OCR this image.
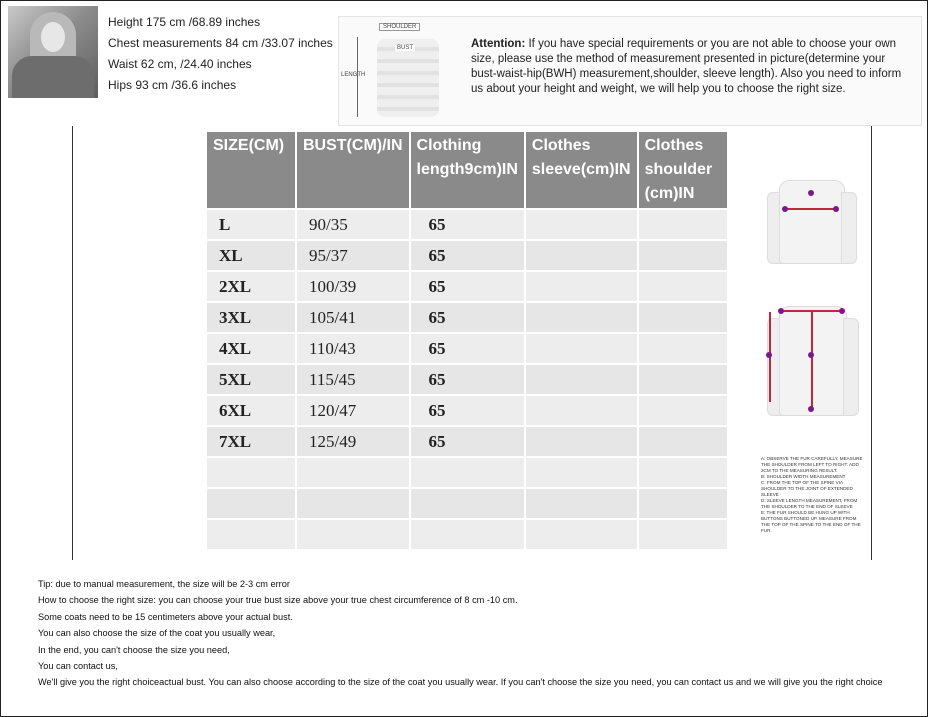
Height 175 cm /68.89 inches
Chest measurements 84 cm /33.07 inches
Waist 62 cm, /24.40 inches
Hips 93 cm /36.6 inches
LENGTH
SHOULDER
BUST	Attention: If you have special requirements or you are not able to choose your own size, please use the method of measurement presented in picture(determine your bust-waist-hip(BWH) measurement,shoulder, sleeve length). Also you need to inform us about your height and weight, we will help you to choose the right size.
SIZE(CM)	BUST(CM)/IN	Clothing length9cm)IN	Clothes sleeve(cm)IN	Clothes shoulder (cm)IN
L	90/35	65		
XL	95/37	65		
2XL	100/39	65		
3XL	105/41	65		
4XL	110/43	65		
5XL	115/45	65		
6XL	120/47	65		
7XL	125/49	65		

A: OBSERVE THE FUR CAREFULLY, MEASURE THE SHOULDER FROM LEFT TO RIGHT. ADD 2CM TO THE MEASURING RESULT.
B: SHOULDER WIDTH MEASUREMENT
C: FROM THE TOP OF THE SPINE VIA SHOULDER TO THE JOINT OF EXTENDED SLEEVE
D: SLEEVE LENGTH MEASUREMENT, FROM THE SHOULDER TO THE END OF SLEEVE
E: THE FUR SHOULD BE HUNG UP WITH BUTTONS BUTTONED UP. MEASURE FROM THE TOP OF THE SPINE TO THE END OF THE FUR.
Tip: due to manual measurement, the size will be 2-3 cm error
How to choose the right size: you can choose your true bust size above your true chest circumference of 8 cm -10 cm.
Some coats need to be 15 centimeters above your actual bust.
You can also choose the size of the coat you usually wear,
In the end, you can't choose the size you need,
You can contact us,
We'll give you the right choiceactual bust. You can also choose according to the size of the coat you usually wear. If you can't choose the size you need, you can contact us and we will give you the right choice
